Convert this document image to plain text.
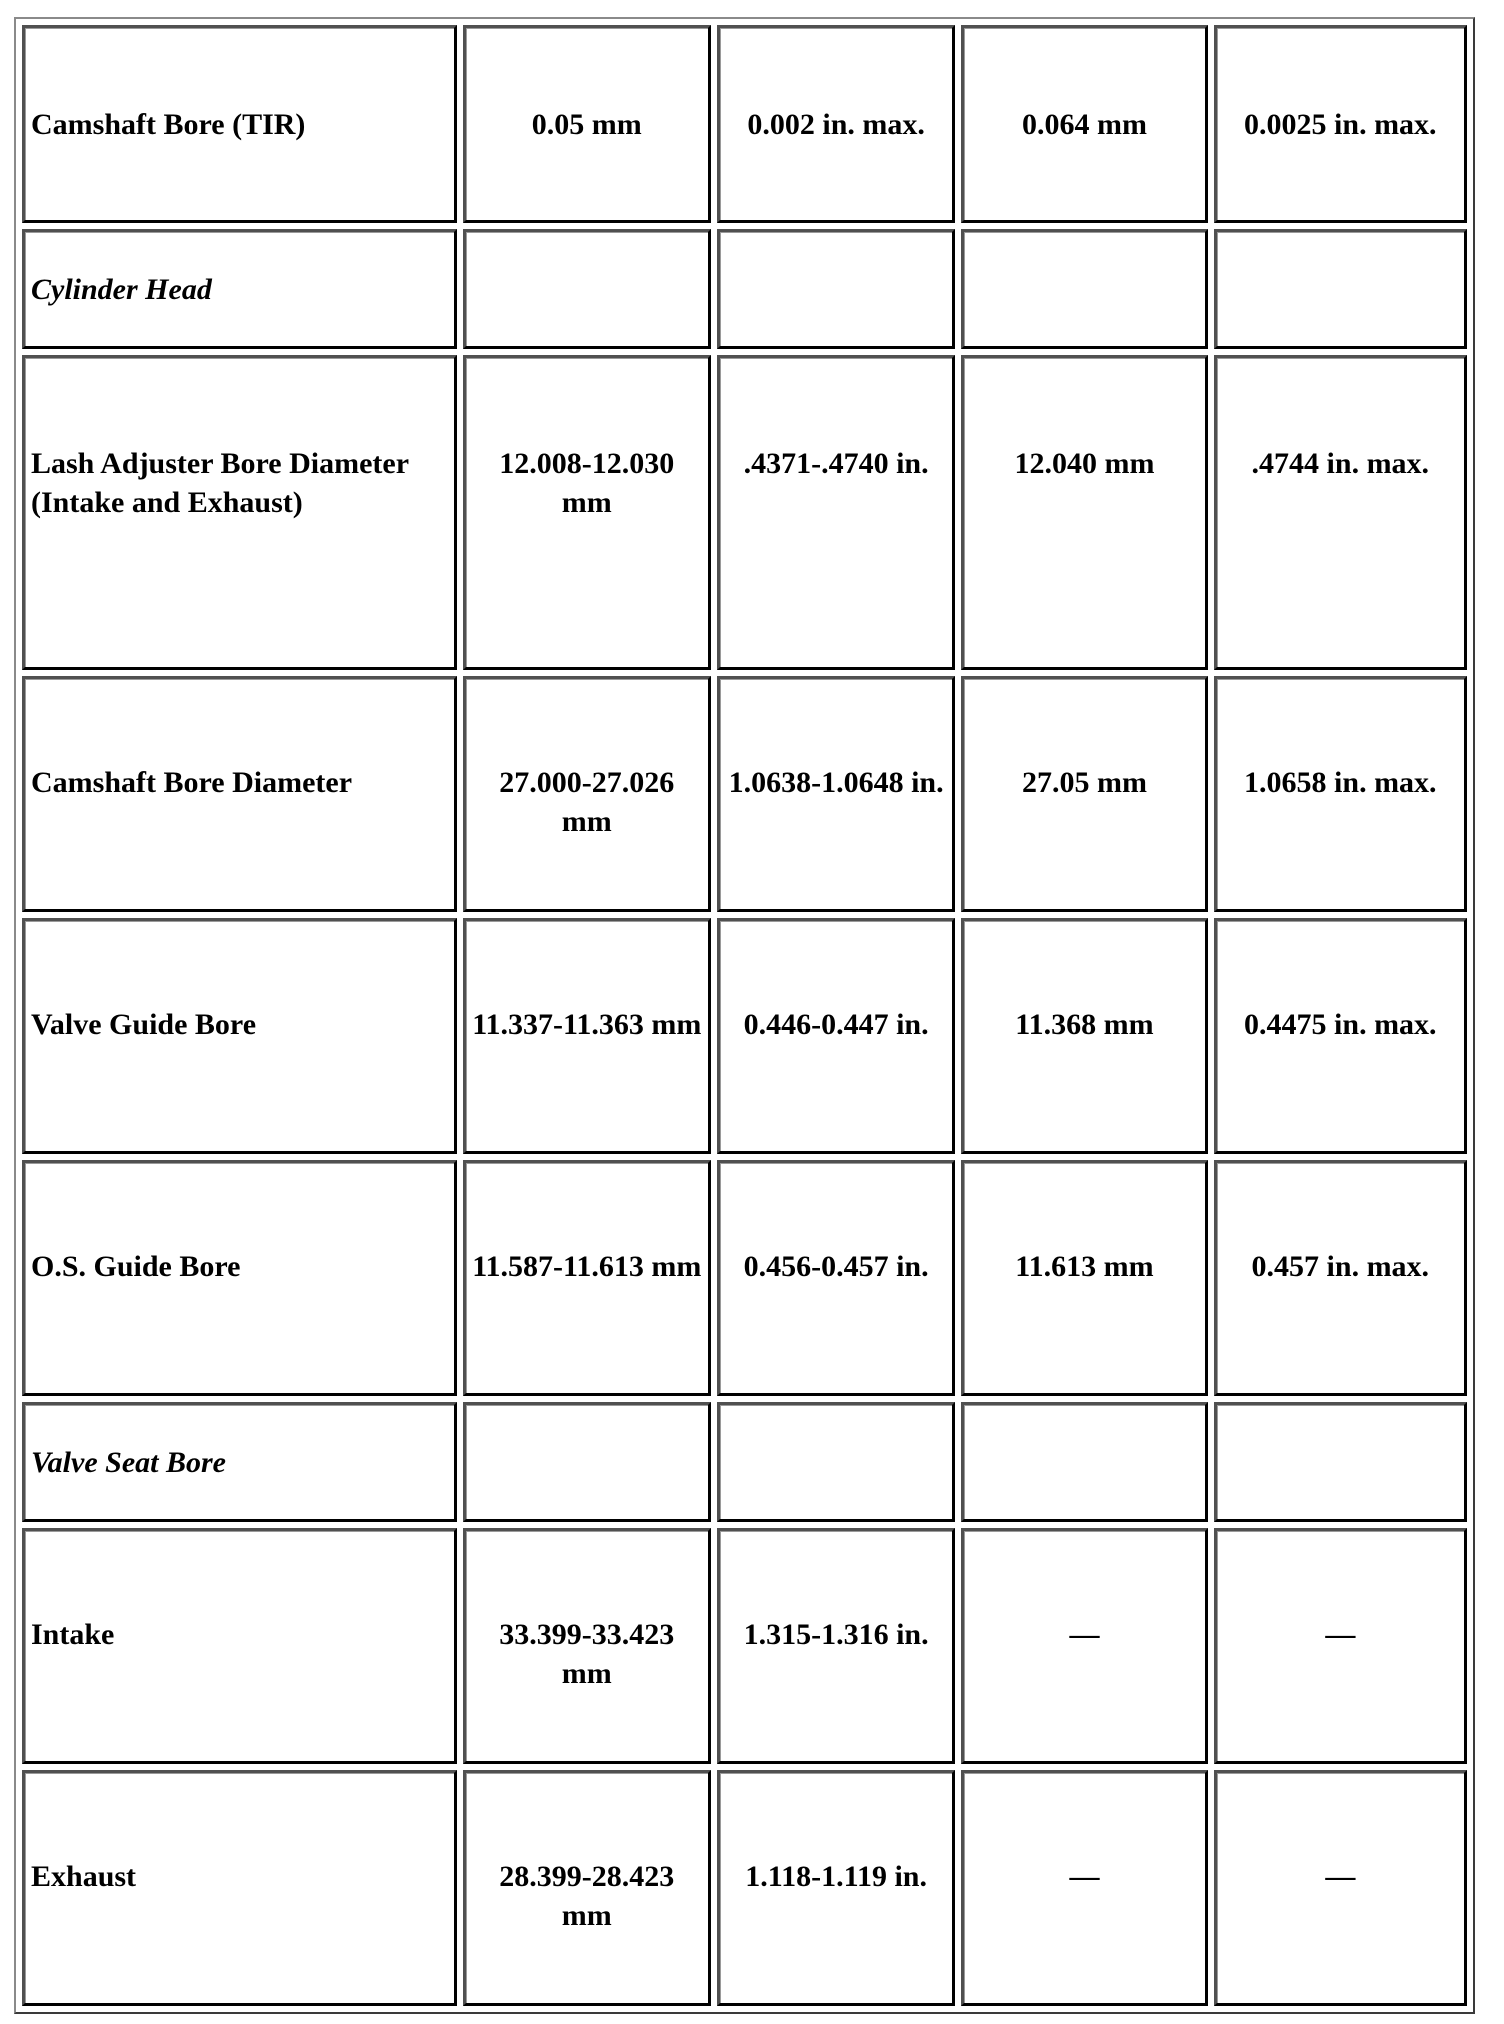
Camshaft Bore (TIR)	0.05 mm	0.002 in. max.	0.064 mm	0.0025 in. max.
Cylinder Head				

Lash Adjuster Bore Diameter
(Intake and Exhaust)	12.008-12.030 mm	.4371-.4740 in.	12.040 mm	.4744 in. max.
Camshaft Bore Diameter	27.000-27.026 mm	1.0638-1.0648 in.	27.05 mm	1.0658 in. max.
Valve Guide Bore	11.337-11.363 mm	0.446-0.447 in.	11.368 mm	0.4475 in. max.
O.S. Guide Bore	11.587-11.613 mm	0.456-0.457 in.	11.613 mm	0.457 in. max.
Valve Seat Bore				
Intake	33.399-33.423 mm	1.315-1.316 in.	—	—
Exhaust	28.399-28.423 mm	1.118-1.119 in.	—	—
